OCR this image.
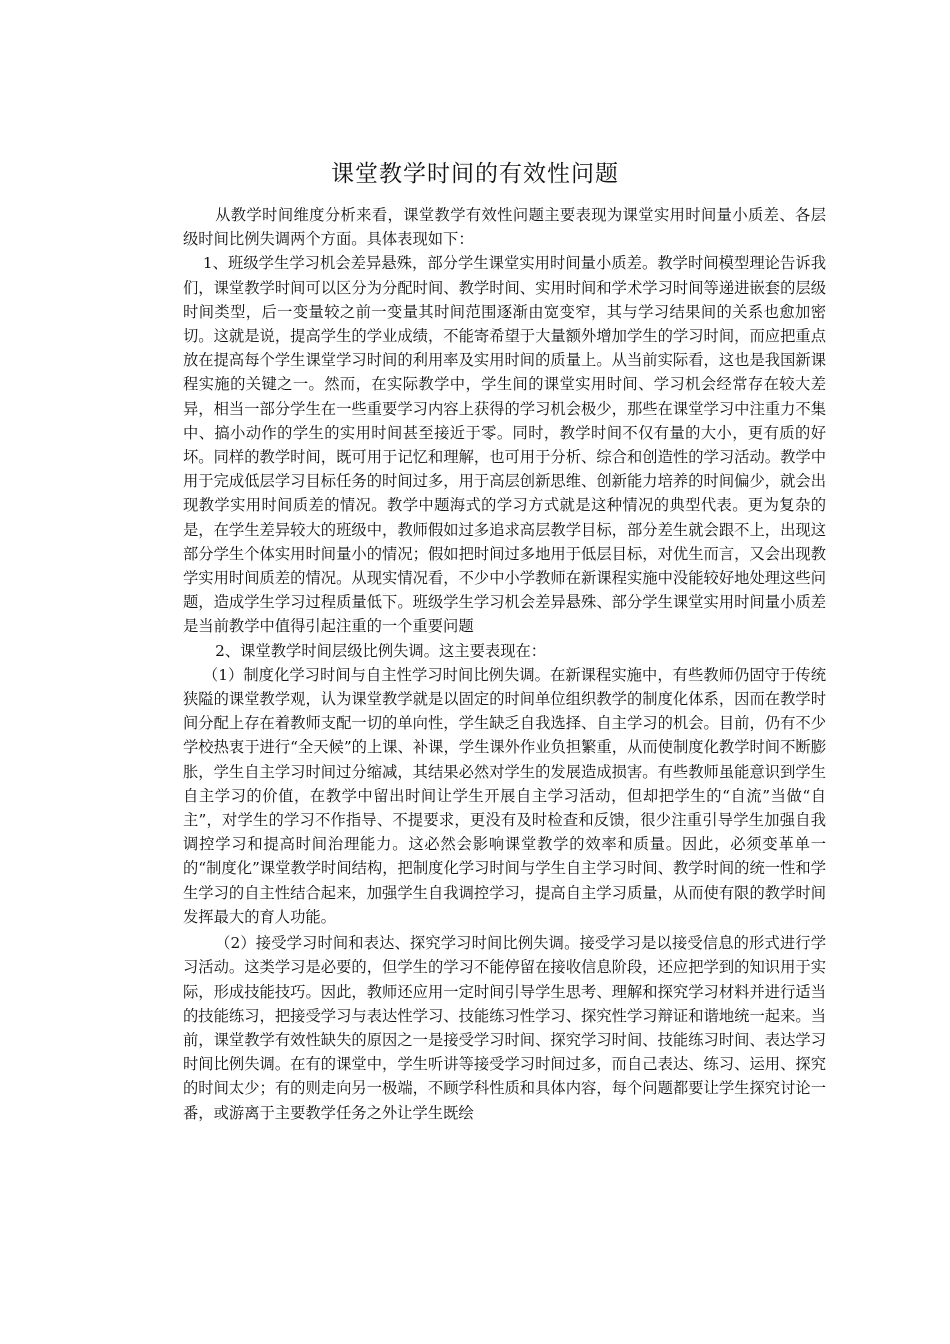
课堂教学时间的有效性问题

从教学时间维度分析来看，课堂教学有效性问题主要表现为课堂实用时间量小质差、各层级时间比例失调两个方面。具体表现如下：

1、班级学生学习机会差异悬殊，部分学生课堂实用时间量小质差。教学时间模型理论告诉我们，课堂教学时间可以区分为分配时间、教学时间、实用时间和学术学习时间等递进嵌套的层级时间类型，后一变量较之前一变量其时间范围逐渐由宽变窄，其与学习结果间的关系也愈加密切。这就是说，提高学生的学业成绩，不能寄希望于大量额外增加学生的学习时间，而应把重点放在提高每个学生课堂学习时间的利用率及实用时间的质量上。从当前实际看，这也是我国新课程实施的关键之一。然而，在实际教学中，学生间的课堂实用时间、学习机会经常存在较大差异，相当一部分学生在一些重要学习内容上获得的学习机会极少，那些在课堂学习中注重力不集中、搞小动作的学生的实用时间甚至接近于零。同时，教学时间不仅有量的大小，更有质的好坏。同样的教学时间，既可用于记忆和理解，也可用于分析、综合和创造性的学习活动。教学中用于完成低层学习目标任务的时间过多，用于高层创新思维、创新能力培养的时间偏少，就会出现教学实用时间质差的情况。教学中题海式的学习方式就是这种情况的典型代表。更为复杂的是，在学生差异较大的班级中，教师假如过多追求高层教学目标，部分差生就会跟不上，出现这部分学生个体实用时间量小的情况；假如把时间过多地用于低层目标，对优生而言，又会出现教学实用时间质差的情况。从现实情况看，不少中小学教师在新课程实施中没能较好地处理这些问题，造成学生学习过程质量低下。班级学生学习机会差异悬殊、部分学生课堂实用时间量小质差是当前教学中值得引起注重的一个重要问题

2、课堂教学时间层级比例失调。这主要表现在：

（1）制度化学习时间与自主性学习时间比例失调。在新课程实施中，有些教师仍固守于传统狭隘的课堂教学观，认为课堂教学就是以固定的时间单位组织教学的制度化体系，因而在教学时间分配上存在着教师支配一切的单向性，学生缺乏自我选择、自主学习的机会。目前，仍有不少学校热衷于进行“全天候”的上课、补课，学生课外作业负担繁重，从而使制度化教学时间不断膨胀，学生自主学习时间过分缩减，其结果必然对学生的发展造成损害。有些教师虽能意识到学生自主学习的价值，在教学中留出时间让学生开展自主学习活动，但却把学生的“自流”当做“自主”，对学生的学习不作指导、不提要求，更没有及时检查和反馈，很少注重引导学生加强自我调控学习和提高时间治理能力。这必然会影响课堂教学的效率和质量。因此，必须变革单一的“制度化”课堂教学时间结构，把制度化学习时间与学生自主学习时间、教学时间的统一性和学生学习的自主性结合起来，加强学生自我调控学习，提高自主学习质量，从而使有限的教学时间发挥最大的育人功能。

（2）接受学习时间和表达、探究学习时间比例失调。接受学习是以接受信息的形式进行学习活动。这类学习是必要的，但学生的学习不能停留在接收信息阶段，还应把学到的知识用于实际，形成技能技巧。因此，教师还应用一定时间引导学生思考、理解和探究学习材料并进行适当的技能练习，把接受学习与表达性学习、技能练习性学习、探究性学习辩证和谐地统一起来。当前，课堂教学有效性缺失的原因之一是接受学习时间、探究学习时间、技能练习时间、表达学习时间比例失调。在有的课堂中，学生听讲等接受学习时间过多，而自己表达、练习、运用、探究的时间太少；有的则走向另一极端，不顾学科性质和具体内容，每个问题都要让学生探究讨论一番，或游离于主要教学任务之外让学生既绘
